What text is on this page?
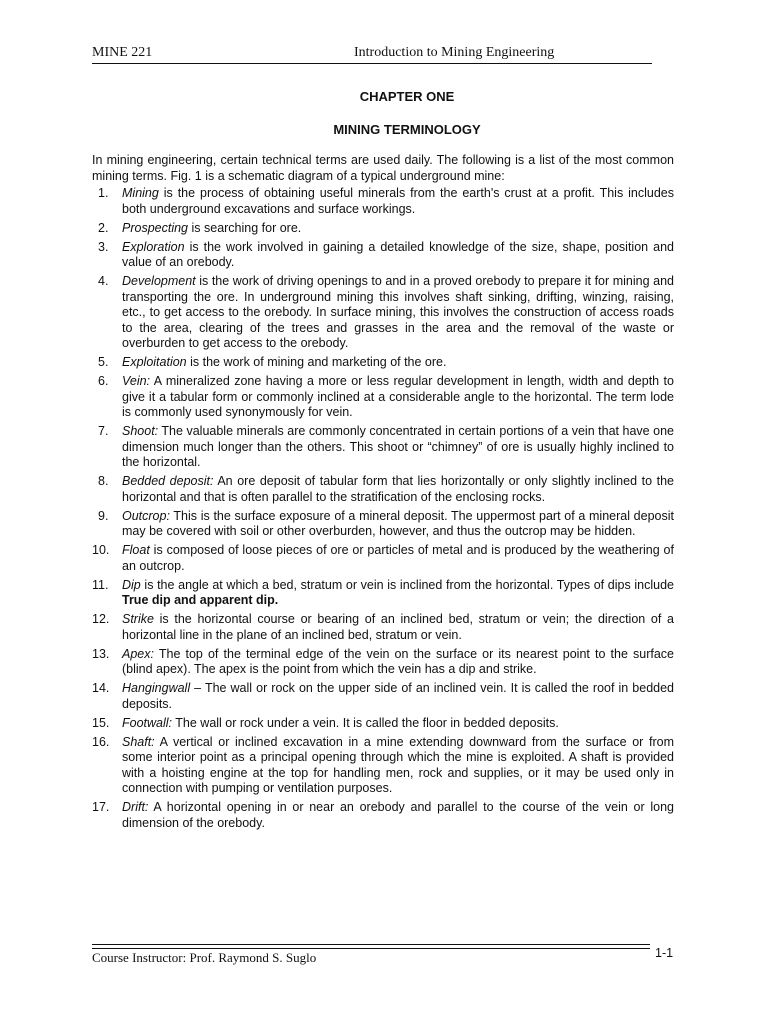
MINE 221	Introduction to Mining Engineering
CHAPTER ONE
MINING TERMINOLOGY

In mining engineering, certain technical terms are used daily. The following is a list of the most common mining terms. Fig. 1 is a schematic diagram of a typical underground mine:

1. Mining is the process of obtaining useful minerals from the earth's crust at a profit. This includes both underground excavations and surface workings.
2. Prospecting is searching for ore.
3. Exploration is the work involved in gaining a detailed knowledge of the size, shape, position and value of an orebody.
4. Development is the work of driving openings to and in a proved orebody to prepare it for mining and transporting the ore. In underground mining this involves shaft sinking, drifting, winzing, raising, etc., to get access to the orebody. In surface mining, this involves the construction of access roads to the area, clearing of the trees and grasses in the area and the removal of the waste or overburden to get access to the orebody.
5. Exploitation is the work of mining and marketing of the ore.
6. Vein: A mineralized zone having a more or less regular development in length, width and depth to give it a tabular form or commonly inclined at a considerable angle to the horizontal. The term lode is commonly used synonymously for vein.
7. Shoot: The valuable minerals are commonly concentrated in certain portions of a vein that have one dimension much longer than the others. This shoot or “chimney” of ore is usually highly inclined to the horizontal.
8. Bedded deposit: An ore deposit of tabular form that lies horizontally or only slightly inclined to the horizontal and that is often parallel to the stratification of the enclosing rocks.
9. Outcrop: This is the surface exposure of a mineral deposit. The uppermost part of a mineral deposit may be covered with soil or other overburden, however, and thus the outcrop may be hidden.
10. Float is composed of loose pieces of ore or particles of metal and is produced by the weathering of an outcrop.
11. Dip is the angle at which a bed, stratum or vein is inclined from the horizontal. Types of dips include True dip and apparent dip.
12. Strike is the horizontal course or bearing of an inclined bed, stratum or vein; the direction of a horizontal line in the plane of an inclined bed, stratum or vein.
13. Apex: The top of the terminal edge of the vein on the surface or its nearest point to the surface (blind apex). The apex is the point from which the vein has a dip and strike.
14. Hangingwall – The wall or rock on the upper side of an inclined vein. It is called the roof in bedded deposits.
15. Footwall: The wall or rock under a vein. It is called the floor in bedded deposits.
16. Shaft: A vertical or inclined excavation in a mine extending downward from the surface or from some interior point as a principal opening through which the mine is exploited. A shaft is provided with a hoisting engine at the top for handling men, rock and supplies, or it may be used only in connection with pumping or ventilation purposes.
17. Drift: A horizontal opening in or near an orebody and parallel to the course of the vein or long dimension of the orebody.
Course Instructor: Prof. Raymond S. Suglo	1-1
